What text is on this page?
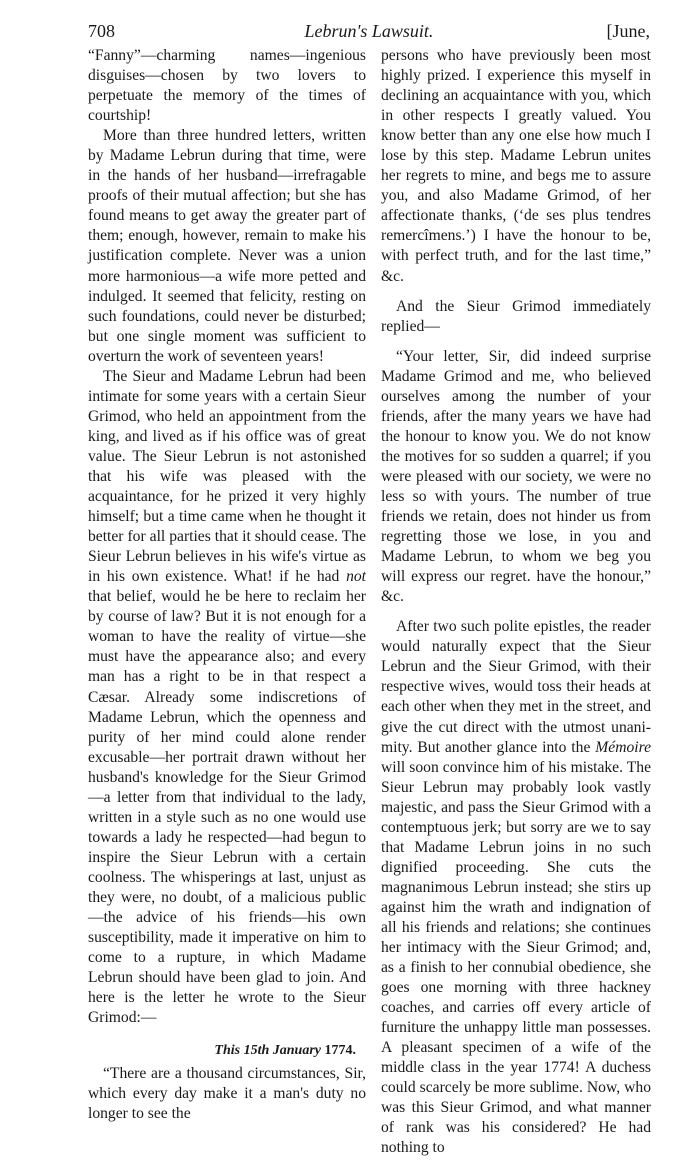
708	Lebrun's Lawsuit.	[June,

“Fanny”—charming names—ingenious disguises—chosen by two lovers to perpetuate the memory of the times of courtship!

More than three hundred letters, written by Madame Lebrun during that time, were in the hands of her husband—irrefragable proofs of their mutual affection; but she has found means to get away the greater part of them; enough, however, remain to make his justification complete. Never was a union more harmonious—a wife more petted and indulged. It seemed that felicity, resting on such foundations, could never be disturbed; but one single moment was sufficient to overturn the work of seventeen years!

The Sieur and Madame Lebrun had been intimate for some years with a certain Sieur Grimod, who held an appointment from the king, and lived as if his office was of great value. The Sieur Lebrun is not astonished that his wife was pleased with the acquaintance, for he prized it very highly himself; but a time came when he thought it better for all parties that it should cease. The Sieur Lebrun believes in his wife's virtue as in his own existence. What! if he had not that belief, would he be here to reclaim her by course of law? But it is not enough for a woman to have the reality of virtue—she must have the appearance also; and every man has a right to be in that respect a Cæsar. Already some indiscretions of Madame Lebrun, which the openness and purity of her mind could alone render excusable—her portrait drawn without her husband's knowledge for the Sieur Grimod—a letter from that individual to the lady, written in a style such as no one would use towards a lady he respected—had begun to inspire the Sieur Lebrun with a certain coolness. The whisperings at last, unjust as they were, no doubt, of a malicious public—the advice of his friends—his own susceptibility, made it imperative on him to come to a rupture, in which Madame Lebrun should have been glad to join. And here is the letter he wrote to the Sieur Grimod:—

This 15th January 1774.

“There are a thousand circumstances, Sir, which every day make it a man's duty no longer to see the

persons who have previously been most highly prized. I experience this myself in declining an acquaintance with you, which in other respects I greatly valued. You know better than any one else how much I lose by this step. Madame Lebrun unites her regrets to mine, and begs me to assure you, and also Madame Grimod, of her affectionate thanks, (‘de ses plus tendres remercîmens.’) I have the honour to be, with perfect truth, and for the last time,” &c.

And the Sieur Grimod immediately replied—

“Your letter, Sir, did indeed surprise Madame Grimod and me, who believed ourselves among the number of your friends, after the many years we have had the honour to know you. We do not know the motives for so sudden a quarrel; if you were pleased with our society, we were no less so with yours. The number of true friends we retain, does not hinder us from regretting those we lose, in you and Madame Lebrun, to whom we beg you will express our regret. have the honour,” &c.

After two such polite epistles, the reader would naturally expect that the Sieur Lebrun and the Sieur Grimod, with their respective wives, would toss their heads at each other when they met in the street, and give the cut direct with the utmost unanimity. But another glance into the Mémoire will soon convince him of his mistake. The Sieur Lebrun may probably look vastly majestic, and pass the Sieur Grimod with a contemptuous jerk; but sorry are we to say that Madame Lebrun joins in no such dignified proceeding. She cuts the magnanimous Lebrun instead; she stirs up against him the wrath and indignation of all his friends and relations; she continues her intimacy with the Sieur Grimod; and, as a finish to her connubial obedience, she goes one morning with three hackney coaches, and carries off every article of furniture the unhappy little man possesses. A pleasant specimen of a wife of the middle class in the year 1774! A duchess could scarcely be more sublime. Now, who was this Sieur Grimod, and what manner of rank was his considered? He had nothing to
